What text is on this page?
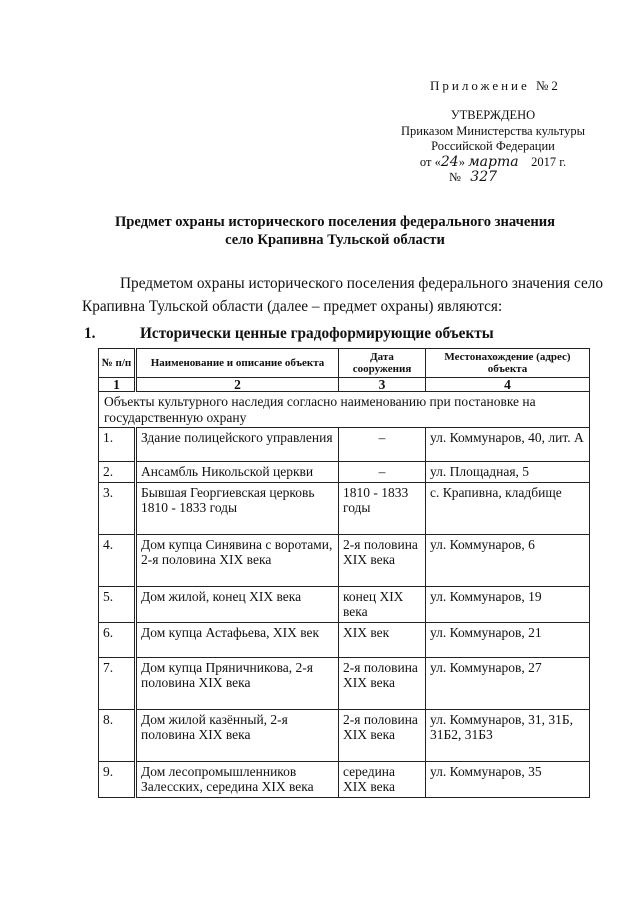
Приложение №2
УТВЕРЖДЕНО
Приказом Министерства культуры
Российской Федерации
от «24» марта 2017 г.
№ 327
Предмет охраны исторического поселения федерального значения
село Крапивна Тульской области
Предметом охраны исторического поселения федерального значения село
Крапивна Тульской области (далее – предмет охраны) являются:
1.	Исторически ценные градоформирующие объекты
№ п/п	Наименование и описание объекта	Дата сооружения	Местонахождение (адрес) объекта
1	2	3	4
Объекты культурного наследия согласно наименованию при постановке на государственную охрану			
1.	Здание полицейского управления	–	ул. Коммунаров, 40, лит. А
2.	Ансамбль Никольской церкви	–	ул. Площадная, 5
3.	Бывшая Георгиевская церковь 1810 - 1833 годы	1810 - 1833 годы	с. Крапивна, кладбище
4.	Дом купца Синявина с воротами, 2-я половина XIX века	2-я половина XIX века	ул. Коммунаров, 6
5.	Дом жилой, конец XIX века	конец XIX века	ул. Коммунаров, 19
6.	Дом купца Астафьева, XIX век	XIX век	ул. Коммунаров, 21
7.	Дом купца Пряничникова, 2-я половина XIX века	2-я половина XIX века	ул. Коммунаров, 27
8.	Дом жилой казённый, 2-я половина XIX века	2-я половина XIX века	ул. Коммунаров, 31, 31Б, 31Б2, 31Б3
9.	Дом лесопромышленников Залесских, середина XIX века	середина XIX века	ул. Коммунаров, 35
